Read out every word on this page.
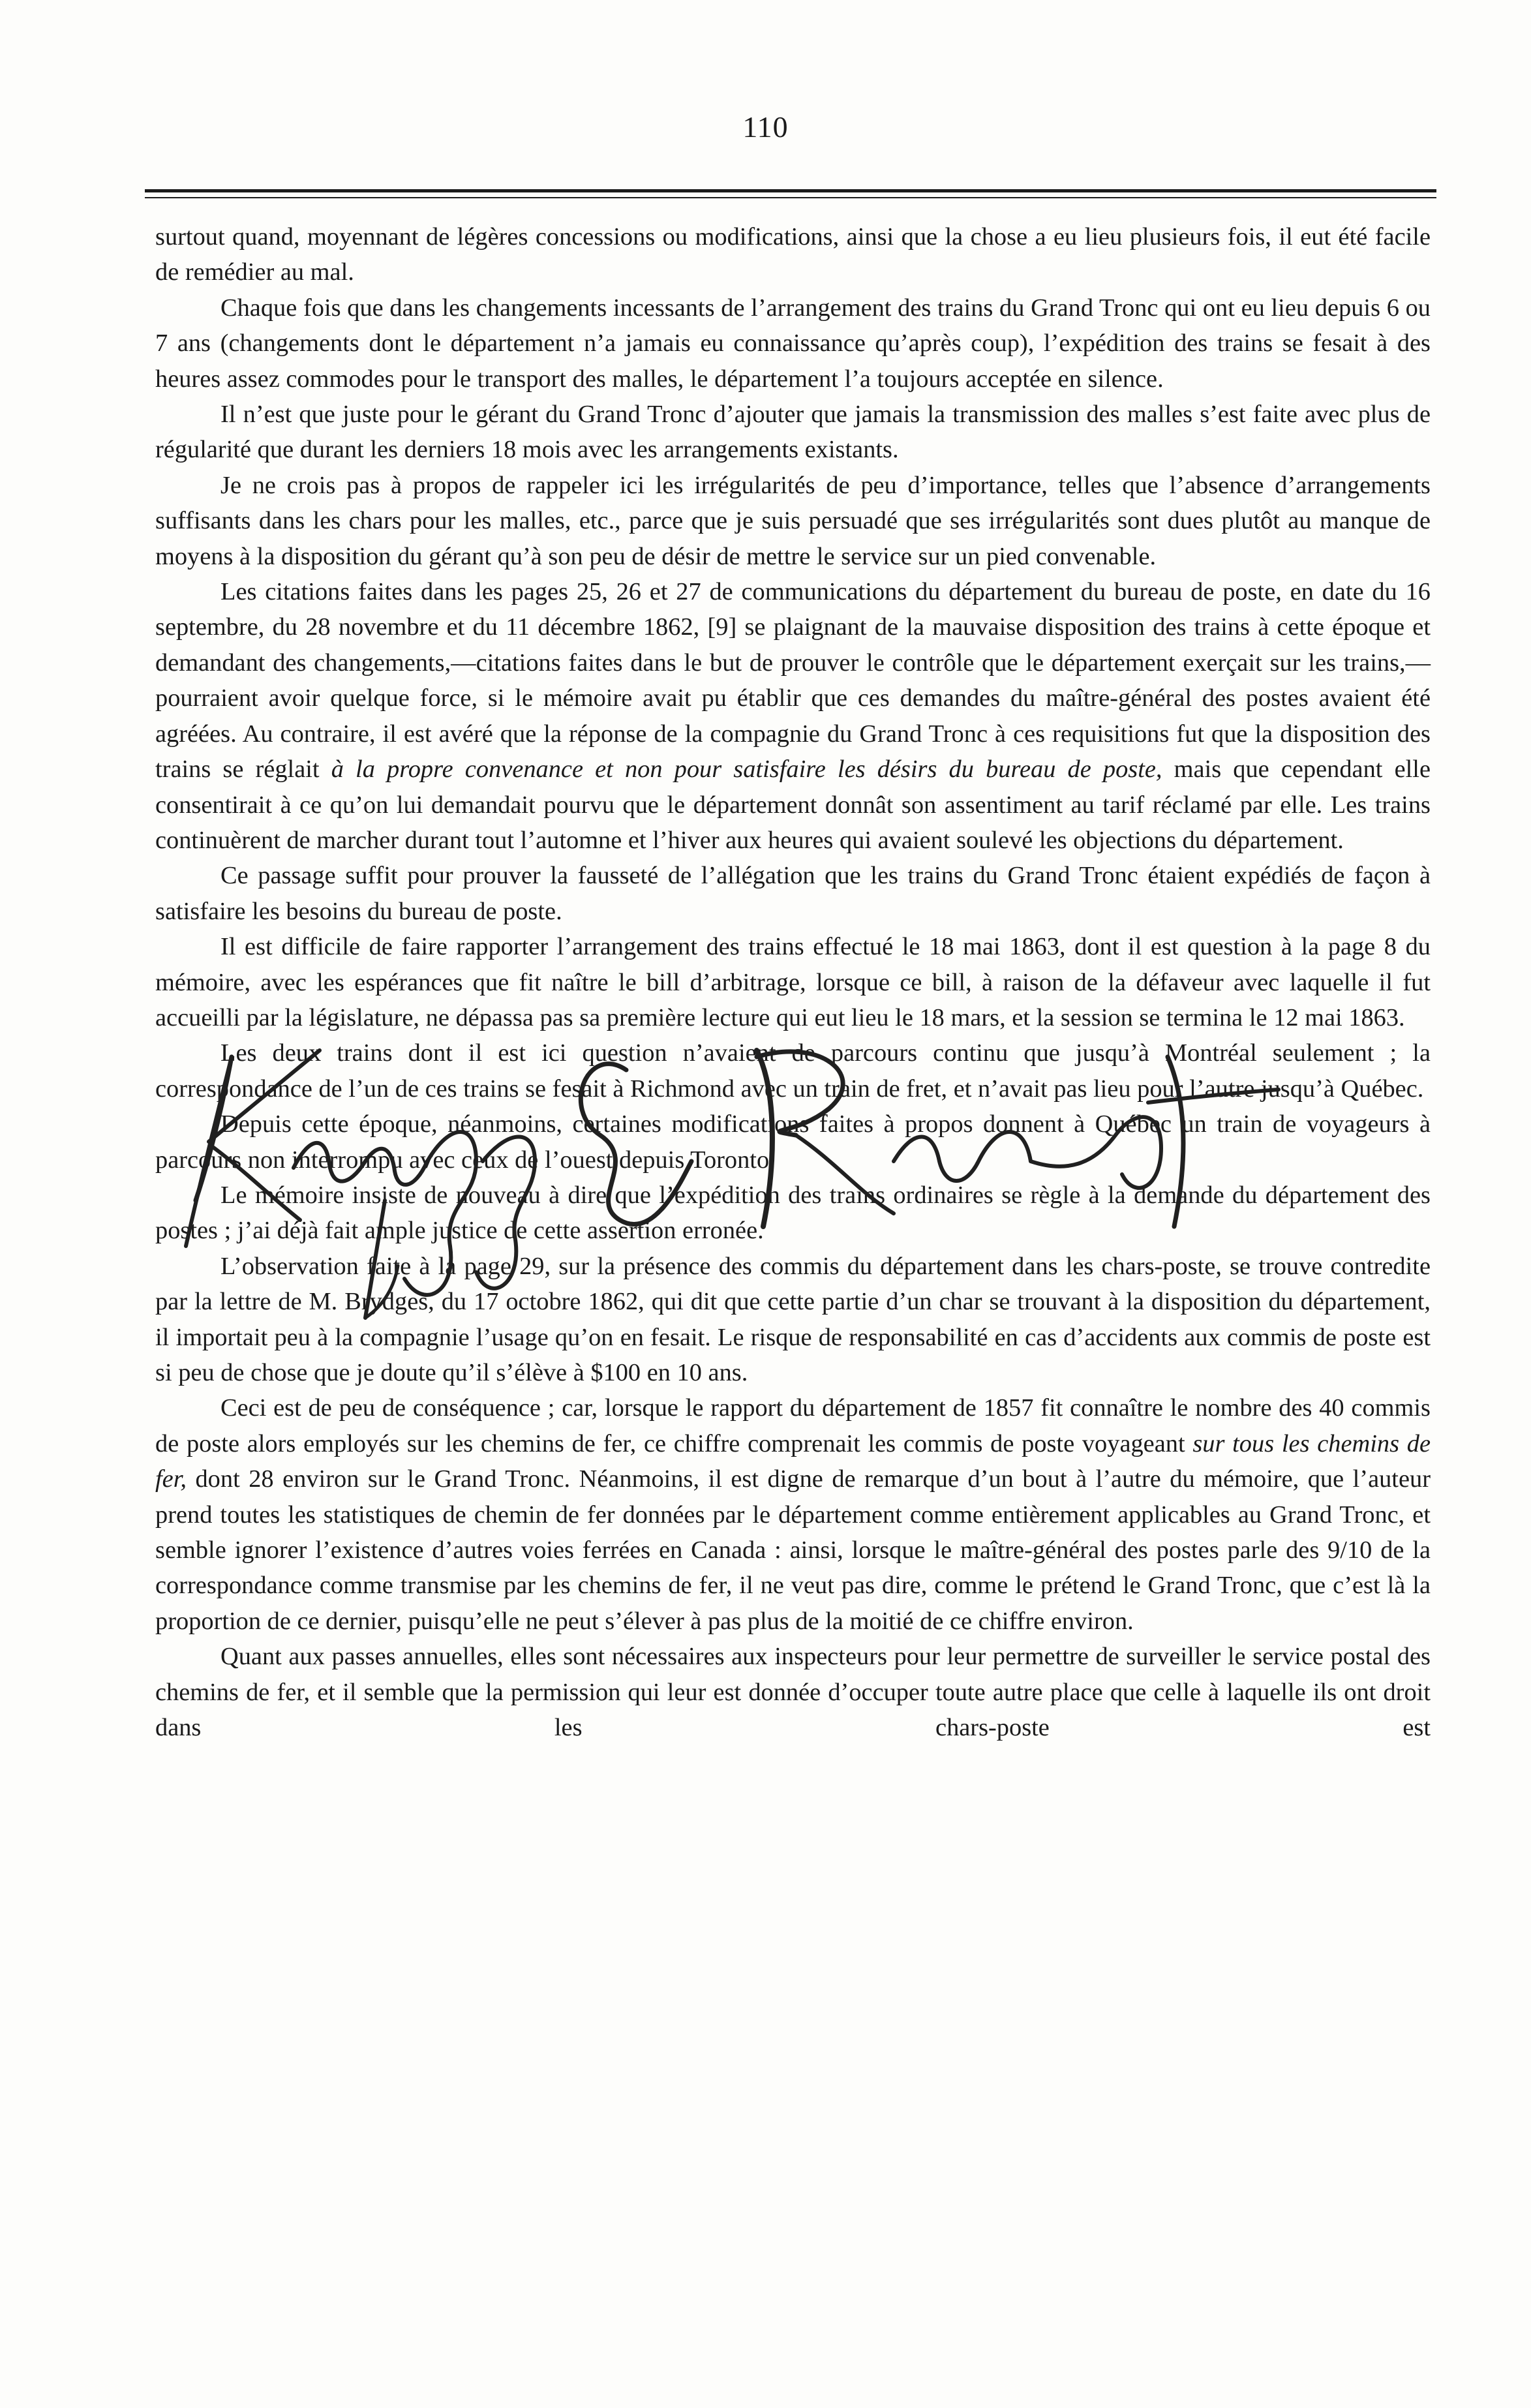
110

surtout quand, moyennant de légères concessions ou modifications, ainsi que la chose a eu lieu plusieurs fois, il eut été facile de remédier au mal.

Chaque fois que dans les changements incessants de l’arrangement des trains du Grand Tronc qui ont eu lieu depuis 6 ou 7 ans (changements dont le département n’a jamais eu connaissance qu’après coup), l’expédition des trains se fesait à des heures assez commodes pour le transport des malles, le département l’a toujours acceptée en silence.

Il n’est que juste pour le gérant du Grand Tronc d’ajouter que jamais la transmission des malles s’est faite avec plus de régularité que durant les derniers 18 mois avec les arrangements existants.

Je ne crois pas à propos de rappeler ici les irrégularités de peu d’importance, telles que l’absence d’arrangements suffisants dans les chars pour les malles, etc., parce que je suis persuadé que ses irrégularités sont dues plutôt au manque de moyens à la disposition du gérant qu’à son peu de désir de mettre le service sur un pied convenable.

Les citations faites dans les pages 25, 26 et 27 de communications du département du bureau de poste, en date du 16 septembre, du 28 novembre et du 11 décembre 1862, [9] se plaignant de la mauvaise disposition des trains à cette époque et demandant des changements,—citations faites dans le but de prouver le contrôle que le département exerçait sur les trains,—pourraient avoir quelque force, si le mémoire avait pu établir que ces demandes du maître-général des postes avaient été agréées. Au contraire, il est avéré que la réponse de la compagnie du Grand Tronc à ces requisitions fut que la disposition des trains se réglait à la propre convenance et non pour satisfaire les désirs du bureau de poste, mais que cependant elle consentirait à ce qu’on lui demandait pourvu que le département donnât son assentiment au tarif réclamé par elle. Les trains continuèrent de marcher durant tout l’automne et l’hiver aux heures qui avaient soulevé les objections du département.

Ce passage suffit pour prouver la fausseté de l’allégation que les trains du Grand Tronc étaient expédiés de façon à satisfaire les besoins du bureau de poste.

Il est difficile de faire rapporter l’arrangement des trains effectué le 18 mai 1863, dont il est question à la page 8 du mémoire, avec les espérances que fit naître le bill d’arbitrage, lorsque ce bill, à raison de la défaveur avec laquelle il fut accueilli par la législature, ne dépassa pas sa première lecture qui eut lieu le 18 mars, et la session se termina le 12 mai 1863.

Les deux trains dont il est ici question n’avaient de parcours continu que jusqu’à Montréal seulement ; la correspondance de l’un de ces trains se fesait à Richmond avec un train de fret, et n’avait pas lieu pour l’autre jusqu’à Québec.

Depuis cette époque, néanmoins, certaines modifications faites à propos donnent à Québec un train de voyageurs à parcours non interrompu avec ceux de l’ouest depuis Toronto.

Le mémoire insiste de nouveau à dire que l’expédition des trains ordinaires se règle à la demande du département des postes ; j’ai déjà fait ample justice de cette assertion erronée.

L’observation faite à la page 29, sur la présence des commis du département dans les chars-poste, se trouve contredite par la lettre de M. Brydges, du 17 octobre 1862, qui dit que cette partie d’un char se trouvant à la disposition du département, il importait peu à la compagnie l’usage qu’on en fesait. Le risque de responsabilité en cas d’accidents aux commis de poste est si peu de chose que je doute qu’il s’élève à $100 en 10 ans.

Ceci est de peu de conséquence ; car, lorsque le rapport du département de 1857 fit connaître le nombre des 40 commis de poste alors employés sur les chemins de fer, ce chiffre comprenait les commis de poste voyageant sur tous les chemins de fer, dont 28 environ sur le Grand Tronc. Néanmoins, il est digne de remarque d’un bout à l’autre du mémoire, que l’auteur prend toutes les statistiques de chemin de fer données par le département comme entièrement applicables au Grand Tronc, et semble ignorer l’existence d’autres voies ferrées en Canada : ainsi, lorsque le maître-général des postes parle des 9/10 de la correspondance comme transmise par les chemins de fer, il ne veut pas dire, comme le prétend le Grand Tronc, que c’est là la proportion de ce dernier, puisqu’elle ne peut s’élever à pas plus de la moitié de ce chiffre environ.

Quant aux passes annuelles, elles sont nécessaires aux inspecteurs pour leur permettre de surveiller le service postal des chemins de fer, et il semble que la permission qui leur est donnée d’occuper toute autre place que celle à laquelle ils ont droit dans les chars-poste est
